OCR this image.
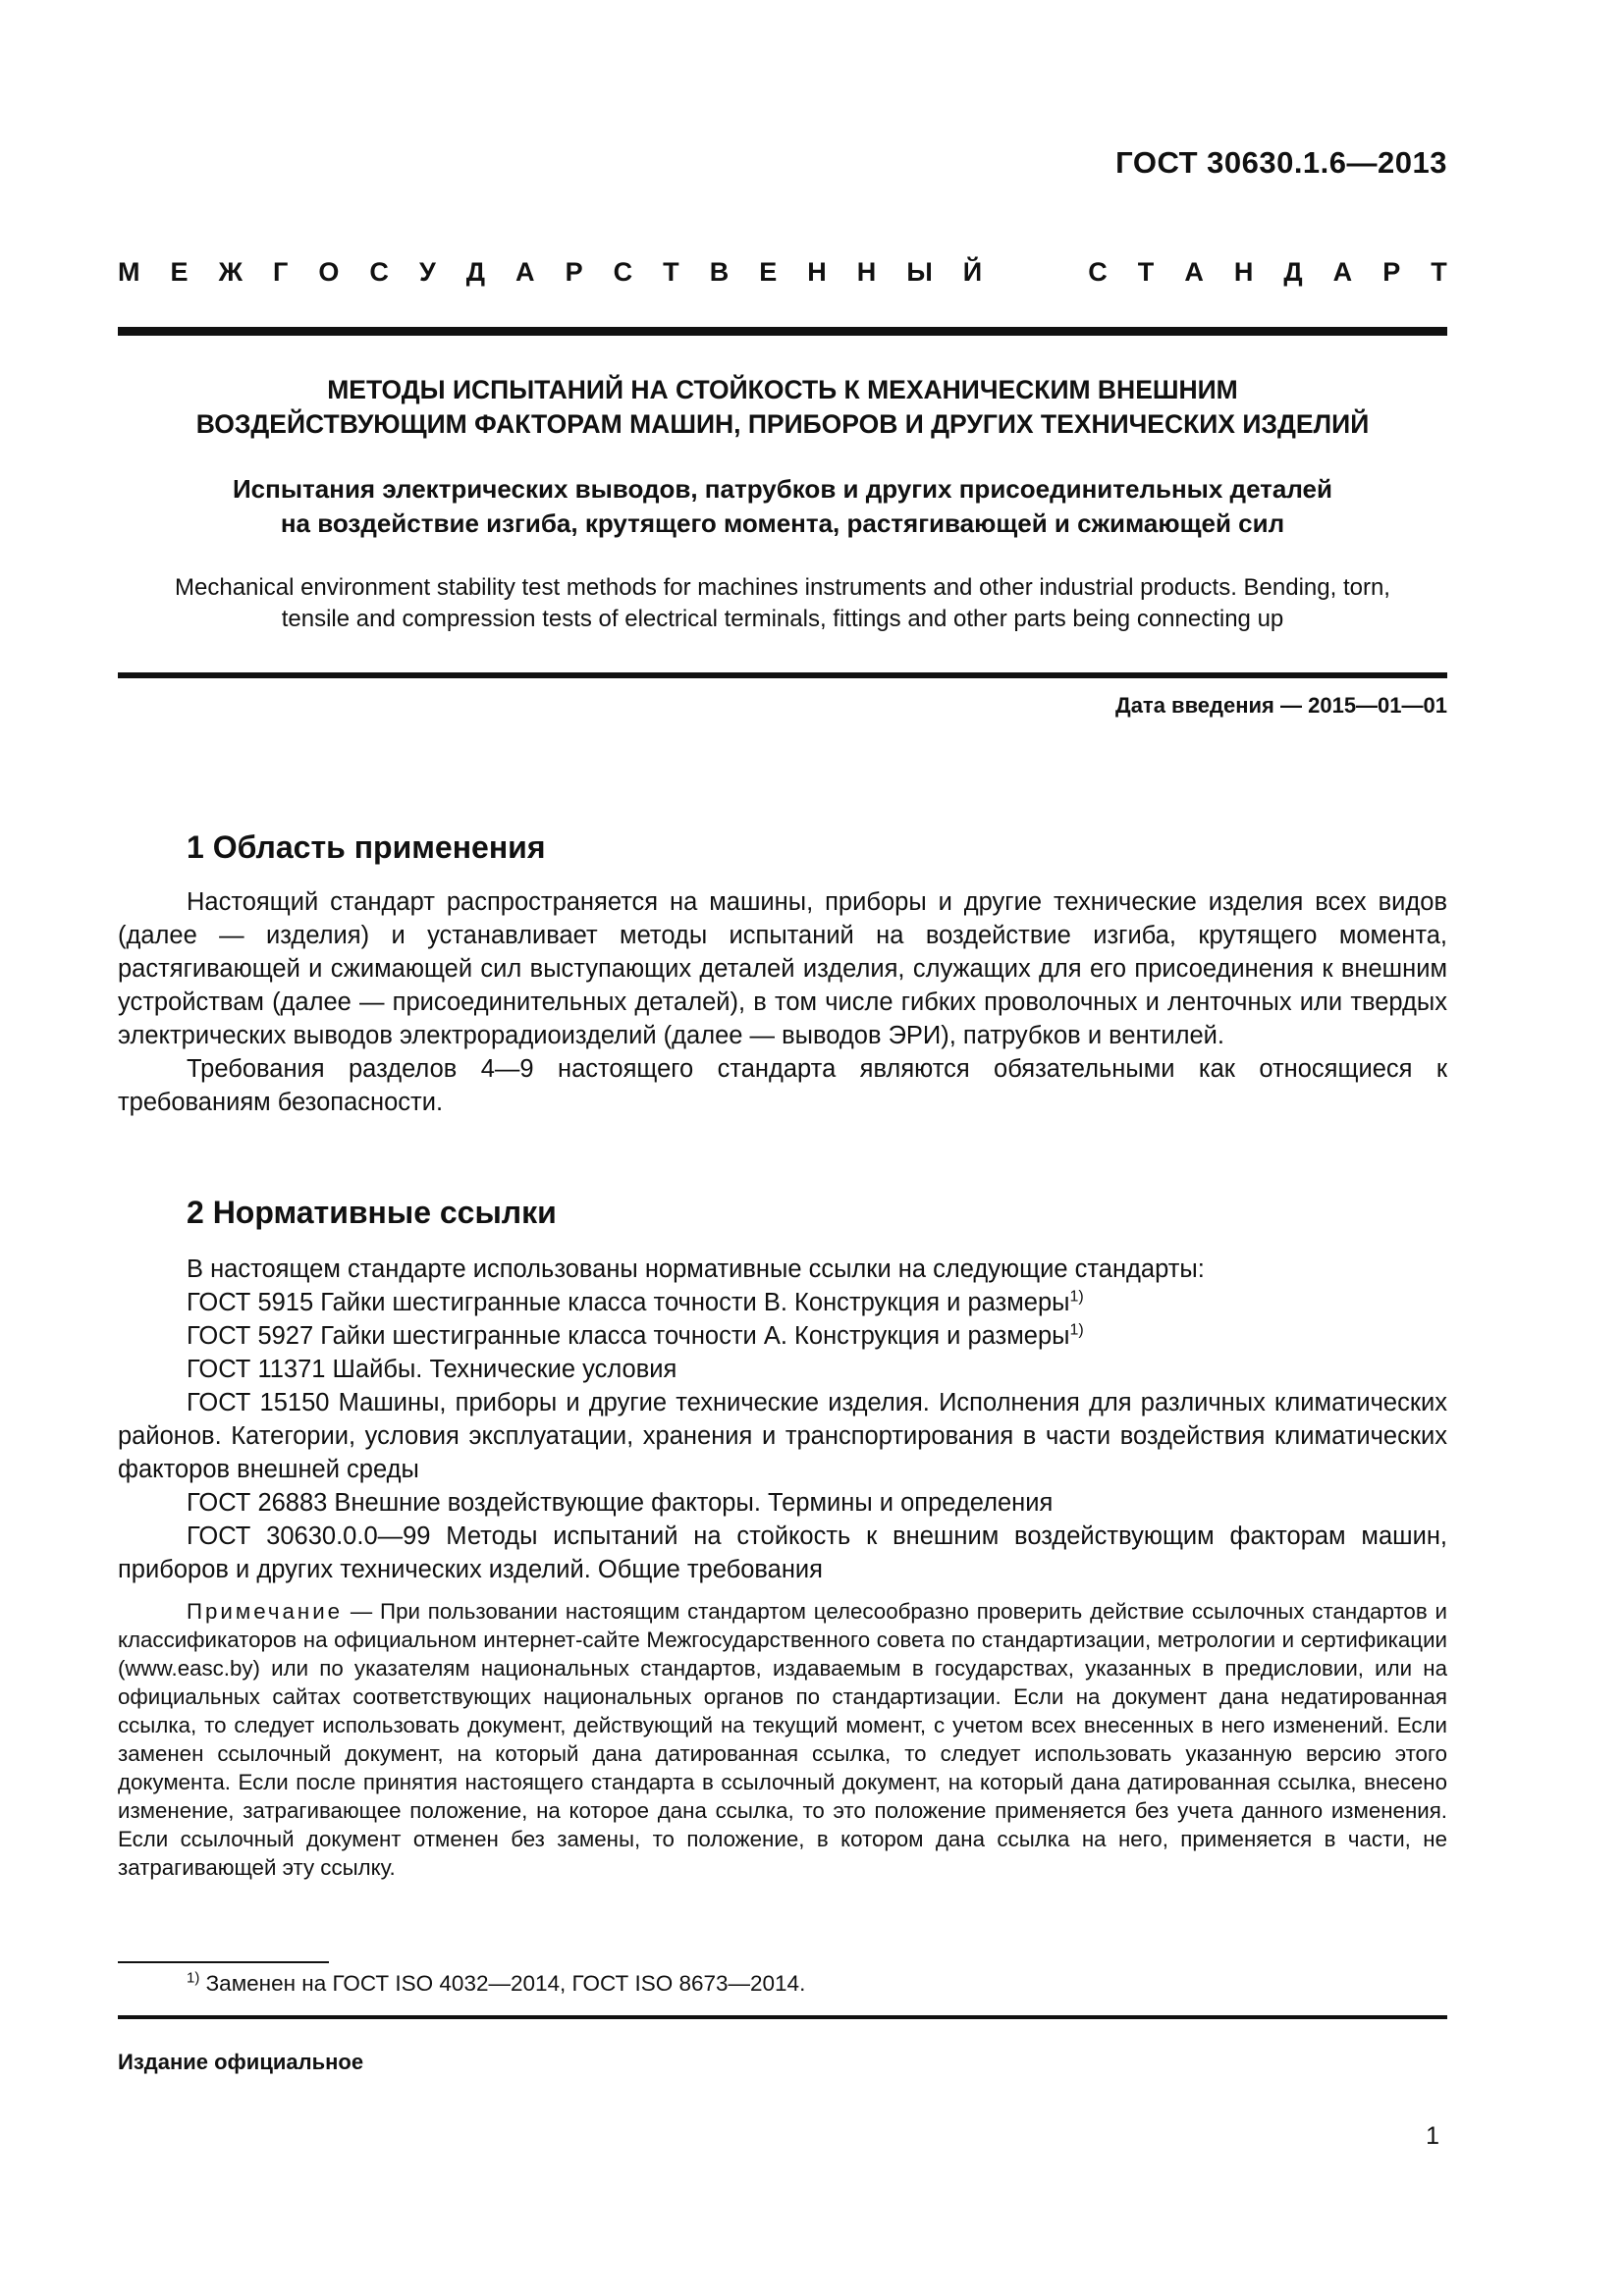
ГОСТ 30630.1.6—2013
М Е Ж Г О С У Д А Р С Т В Е Н Н Ы Й	С Т А Н Д А Р Т
МЕТОДЫ ИСПЫТАНИЙ НА СТОЙКОСТЬ К МЕХАНИЧЕСКИМ ВНЕШНИМ
ВОЗДЕЙСТВУЮЩИМ ФАКТОРАМ МАШИН, ПРИБОРОВ И ДРУГИХ ТЕХНИЧЕСКИХ ИЗДЕЛИЙ
Испытания электрических выводов, патрубков и других присоединительных деталей
на воздействие изгиба, крутящего момента, растягивающей и сжимающей сил
Mechanical environment stability test methods for machines instruments and other industrial products. Bending, torn,
tensile and compression tests of electrical terminals, fittings and other parts being connecting up
Дата введения — 2015—01—01
1 Область применения

Настоящий стандарт распространяется на машины, приборы и другие технические изделия всех видов (далее — изделия) и устанавливает методы испытаний на воздействие изгиба, крутящего момента, растягивающей и сжимающей сил выступающих деталей изделия, служащих для его присоединения к внешним устройствам (далее — присоединительных деталей), в том числе гибких проволочных и ленточных или твердых электрических выводов электрорадиоизделий (далее — выводов ЭРИ), патрубков и вентилей.

Требования разделов 4—9 настоящего стандарта являются обязательными как относящиеся к требованиям безопасности.

2 Нормативные ссылки

В настоящем стандарте использованы нормативные ссылки на следующие стандарты:

ГОСТ 5915 Гайки шестигранные класса точности В. Конструкция и размеры$^{1)}$

ГОСТ 5927 Гайки шестигранные класса точности А. Конструкция и размеры$^{1)}$

ГОСТ 11371 Шайбы. Технические условия

ГОСТ 15150 Машины, приборы и другие технические изделия. Исполнения для различных климатических районов. Категории, условия эксплуатации, хранения и транспортирования в части воздействия климатических факторов внешней среды

ГОСТ 26883 Внешние воздействующие факторы. Термины и определения

ГОСТ 30630.0.0—99 Методы испытаний на стойкость к внешним воздействующим факторам машин, приборов и других технических изделий. Общие требования

Примечание — При пользовании настоящим стандартом целесообразно проверить действие ссылочных стандартов и классификаторов на официальном интернет-сайте Межгосударственного совета по стандартизации, метрологии и сертификации (www.easc.by) или по указателям национальных стандартов, издаваемым в государствах, указанных в предисловии, или на официальных сайтах соответствующих национальных органов по стандартизации. Если на документ дана недатированная ссылка, то следует использовать документ, действующий на текущий момент, с учетом всех внесенных в него изменений. Если заменен ссылочный документ, на который дана датированная ссылка, то следует использовать указанную версию этого документа. Если после принятия настоящего стандарта в ссылочный документ, на который дана датированная ссылка, внесено изменение, затрагивающее положение, на которое дана ссылка, то это положение применяется без учета данного изменения. Если ссылочный документ отменен без замены, то положение, в котором дана ссылка на него, применяется в части, не затрагивающей эту ссылку.
$^{1)}$ Заменен на ГОСТ ISO 4032—2014, ГОСТ ISO 8673—2014.
Издание официальное
1
